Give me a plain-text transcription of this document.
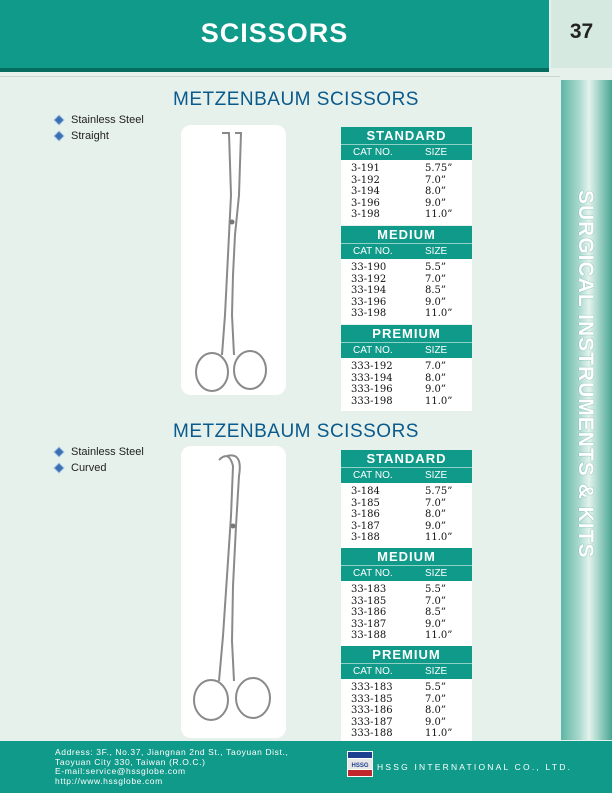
SCISSORS	37
SURGICAL INSTRUMENTS & KITS
METZENBAUM SCISSORS
Stainless Steel
Straight	STANDARD
CAT NO.	SIZE
3-191	5.75”
3-192	7.0”
3-194	8.0”
3-196	9.0”
3-198	11.0”
MEDIUM
CAT NO.	SIZE
33-190	5.5”
33-192	7.0”
33-194	8.5”
33-196	9.0”
33-198	11.0”
PREMIUM
CAT NO.	SIZE
333-192	7.0”
333-194	8.0”
333-196	9.0”
333-198	11.0”
METZENBAUM SCISSORS
Stainless Steel
Curved
STANDARD
CAT NO.	SIZE
3-184	5.75”
3-185	7.0”
3-186	8.0”
3-187	9.0”
3-188	11.0”
MEDIUM
CAT NO.	SIZE
33-183	5.5”
33-185	7.0”
33-186	8.5”
33-187	9.0”
33-188	11.0”
PREMIUM
CAT NO.	SIZE
333-183	5.5”
333-185	7.0”
333-186	8.0”
333-187	9.0”
333-188	11.0”
Address: 3F., No.37, Jiangnan 2nd St., Taoyuan Dist.,
Taoyuan City 330, Taiwan (R.O.C.)
E-mail:service@hssglobe.com
http://www.hssglobe.com
HSSG HSSG INTERNATIONAL CO., LTD.
